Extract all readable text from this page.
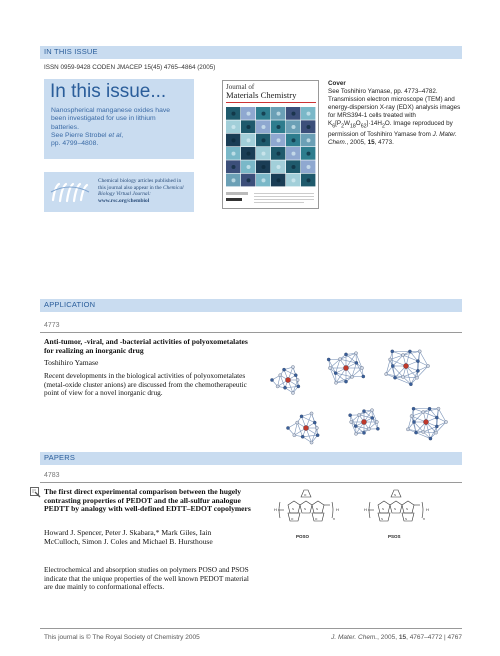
IN THIS ISSUE
ISSN 0959-9428 CODEN JMACEP 15(45) 4765–4864 (2005)
In this issue...
Nanospherical manganese oxides have been investigated for use in lithium batteries.
See Pierre Strobel et al,
pp. 4799–4808.
Chemical biology articles published in this journal also appear in the Chemical Biology Virtual Journal: www.rsc.org/chembiol
Journal of
Materials Chemistry
Cover
See Toshihiro Yamase, pp. 4773–4782. Transmission electron microscope (TEM) and energy-dispersion X-ray (EDX) analysis images for MRS394-1 cells treated with $K_6[P_2W_{18}O_{62}]\cdot 14H_2O$. Image reproduced by permission of Toshihiro Yamase from J. Mater. Chem., 2005, 15, 4773.
APPLICATION
4773
Anti-tumor, -viral, and -bacterial activities of polyoxometalates for realizing an inorganic drug
Toshihiro Yamase
Recent developments in the biological activities of polyoxometalates (metal-oxide cluster anions) are discussed from the chemotherapeutic point of view for a novel inorganic drug.
PAPERS
4783
The first direct experimental comparison between the hugely contrasting properties of PEDOT and the all-sulfur analogue PEDTT by analogy with well-defined EDTT–EDOT copolymers
Howard J. Spencer, Peter J. Skabara,* Mark Giles, Iain McCulloch, Simon J. Coles and Michael B. Hursthouse
Electrochemical and absorption studies on polymers POSO and PSOS indicate that the unique properties of the well known PEDOT material are due mainly to conformational effects.
H
n
H
S	S	S
O
O	O
H
n
H
S	S	S
S
S	S
POSO	PSOS
This journal is © The Royal Society of Chemistry 2005	J. Mater. Chem., 2005, 15, 4767–4772 | 4767
